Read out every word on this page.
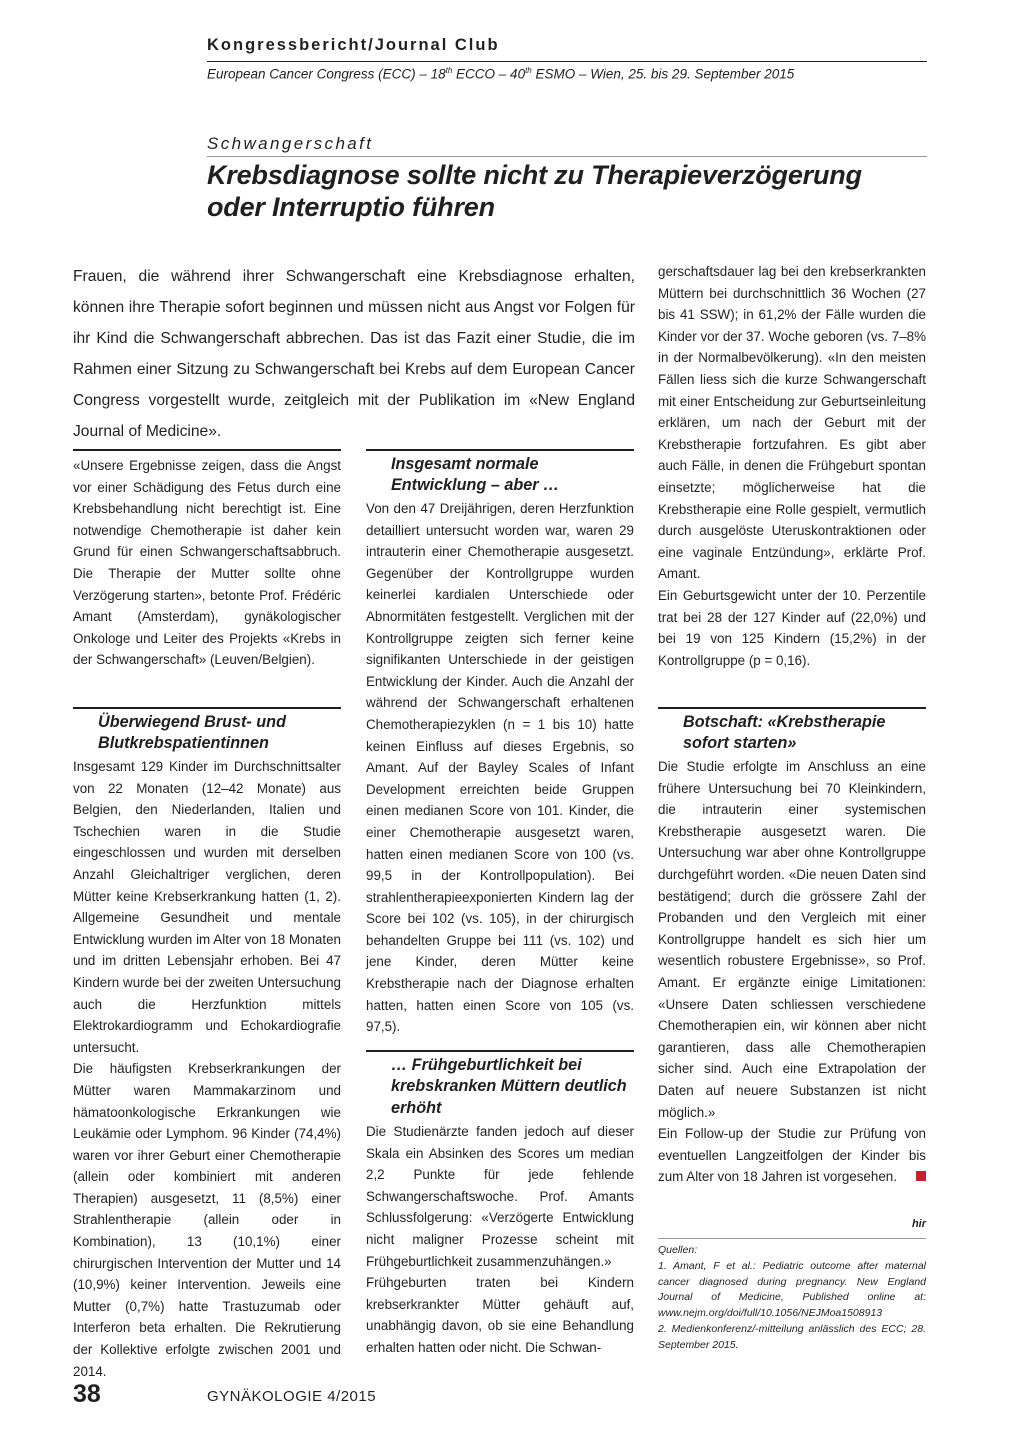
Kongressbericht/Journal Club
European Cancer Congress (ECC) – 18th ECCO – 40th ESMO – Wien, 25. bis 29. September 2015
Schwangerschaft
Krebsdiagnose sollte nicht zu Therapieverzögerung
oder Interruptio führen
Frauen, die während ihrer Schwangerschaft eine Krebsdiagnose erhalten, können ihre Therapie sofort beginnen und müssen nicht aus Angst vor Folgen für ihr Kind die Schwangerschaft abbrechen. Das ist das Fazit einer Studie, die im Rahmen einer Sitzung zu Schwangerschaft bei Krebs auf dem European Cancer Congress vorgestellt wurde, zeitgleich mit der Publikation im «New England Journal of Medicine».

«Unsere Ergebnisse zeigen, dass die Angst vor einer Schädigung des Fetus durch eine Krebsbehandlung nicht berechtigt ist. Eine notwendige Chemotherapie ist daher kein Grund für einen Schwangerschaftsabbruch. Die Therapie der Mutter sollte ohne Verzögerung starten», betonte Prof. Frédéric Amant (Amsterdam), gynäkologischer Onkologe und Leiter des Projekts «Krebs in der Schwangerschaft» (Leuven/Belgien).

Überwiegend Brust- und Blutkrebspatientinnen

Insgesamt 129 Kinder im Durchschnittsalter von 22 Monaten (12–42 Monate) aus Belgien, den Niederlanden, Italien und Tschechien waren in die Studie eingeschlossen und wurden mit derselben Anzahl Gleichaltriger verglichen, deren Mütter keine Krebserkrankung hatten (1, 2). Allgemeine Gesundheit und mentale Entwicklung wurden im Alter von 18 Monaten und im dritten Lebensjahr erhoben. Bei 47 Kindern wurde bei der zweiten Untersuchung auch die Herzfunktion mittels Elektrokardiogramm und Echokardiografie untersucht.

Die häufigsten Krebserkrankungen der Mütter waren Mammakarzinom und hämatoonkologische Erkrankungen wie Leukämie oder Lymphom. 96 Kinder (74,4%) waren vor ihrer Geburt einer Chemotherapie (allein oder kombiniert mit anderen Therapien) ausgesetzt, 11 (8,5%) einer Strahlentherapie (allein oder in Kombination), 13 (10,1%) einer chirurgischen Intervention der Mutter und 14 (10,9%) keiner Intervention. Jeweils eine Mutter (0,7%) hatte Trastuzumab oder Interferon beta erhalten. Die Rekrutierung der Kollektive erfolgte zwischen 2001 und 2014.

Insgesamt normale Entwicklung – aber …

Von den 47 Dreijährigen, deren Herzfunktion detailliert untersucht worden war, waren 29 intrauterin einer Chemotherapie ausgesetzt. Gegenüber der Kontrollgruppe wurden keinerlei kardialen Unterschiede oder Abnormitäten festgestellt. Verglichen mit der Kontrollgruppe zeigten sich ferner keine signifikanten Unterschiede in der geistigen Entwicklung der Kinder. Auch die Anzahl der während der Schwangerschaft erhaltenen Chemotherapiezyklen (n = 1 bis 10) hatte keinen Einfluss auf dieses Ergebnis, so Amant. Auf der Bayley Scales of Infant Development erreichten beide Gruppen einen medianen Score von 101. Kinder, die einer Chemotherapie ausgesetzt waren, hatten einen medianen Score von 100 (vs. 99,5 in der Kontrollpopulation). Bei strahlentherapieexponierten Kindern lag der Score bei 102 (vs. 105), in der chirurgisch behandelten Gruppe bei 111 (vs. 102) und jene Kinder, deren Mütter keine Krebstherapie nach der Diagnose erhalten hatten, hatten einen Score von 105 (vs. 97,5).

… Frühgeburtlichkeit bei krebskranken Müttern deutlich erhöht

Die Studienärzte fanden jedoch auf dieser Skala ein Absinken des Scores um median 2,2 Punkte für jede fehlende Schwangerschaftswoche. Prof. Amants Schlussfolgerung: «Verzögerte Entwicklung nicht maligner Prozesse scheint mit Frühgeburtlichkeit zusammenzuhängen.»

Frühgeburten traten bei Kindern krebserkrankter Mütter gehäuft auf, unabhängig davon, ob sie eine Behandlung erhalten hatten oder nicht. Die Schwan-

gerschaftsdauer lag bei den krebserkrankten Müttern bei durchschnittlich 36 Wochen (27 bis 41 SSW); in 61,2% der Fälle wurden die Kinder vor der 37. Woche geboren (vs. 7–8% in der Normalbevölkerung). «In den meisten Fällen liess sich die kurze Schwangerschaft mit einer Entscheidung zur Geburtseinleitung erklären, um nach der Geburt mit der Krebstherapie fortzufahren. Es gibt aber auch Fälle, in denen die Frühgeburt spontan einsetzte; möglicherweise hat die Krebstherapie eine Rolle gespielt, vermutlich durch ausgelöste Uteruskontraktionen oder eine vaginale Entzündung», erklärte Prof. Amant.

Ein Geburtsgewicht unter der 10. Perzentile trat bei 28 der 127 Kinder auf (22,0%) und bei 19 von 125 Kindern (15,2%) in der Kontrollgruppe (p = 0,16).

Botschaft: «Krebstherapie sofort starten»

Die Studie erfolgte im Anschluss an eine frühere Untersuchung bei 70 Kleinkindern, die intrauterin einer systemischen Krebstherapie ausgesetzt waren. Die Untersuchung war aber ohne Kontrollgruppe durchgeführt worden. «Die neuen Daten sind bestätigend; durch die grössere Zahl der Probanden und den Vergleich mit einer Kontrollgruppe handelt es sich hier um wesentlich robustere Ergebnisse», so Prof. Amant. Er ergänzte einige Limitationen: «Unsere Daten schliessen verschiedene Chemotherapien ein, wir können aber nicht garantieren, dass alle Chemotherapien sicher sind. Auch eine Extrapolation der Daten auf neuere Substanzen ist nicht möglich.»

Ein Follow-up der Studie zur Prüfung von eventuellen Langzeitfolgen der Kinder bis zum Alter von 18 Jahren ist vorgesehen.

hir

Quellen:

1. Amant, F et al.: Pediatric outcome after maternal cancer diagnosed during pregnancy. New England Journal of Medicine, Published online at: www.nejm.org/doi/full/10.1056/NEJMoa1508913

2. Medienkonferenz/-mitteilung anlässlich des ECC; 28. September 2015.

38	GYNÄKOLOGIE 4/2015
